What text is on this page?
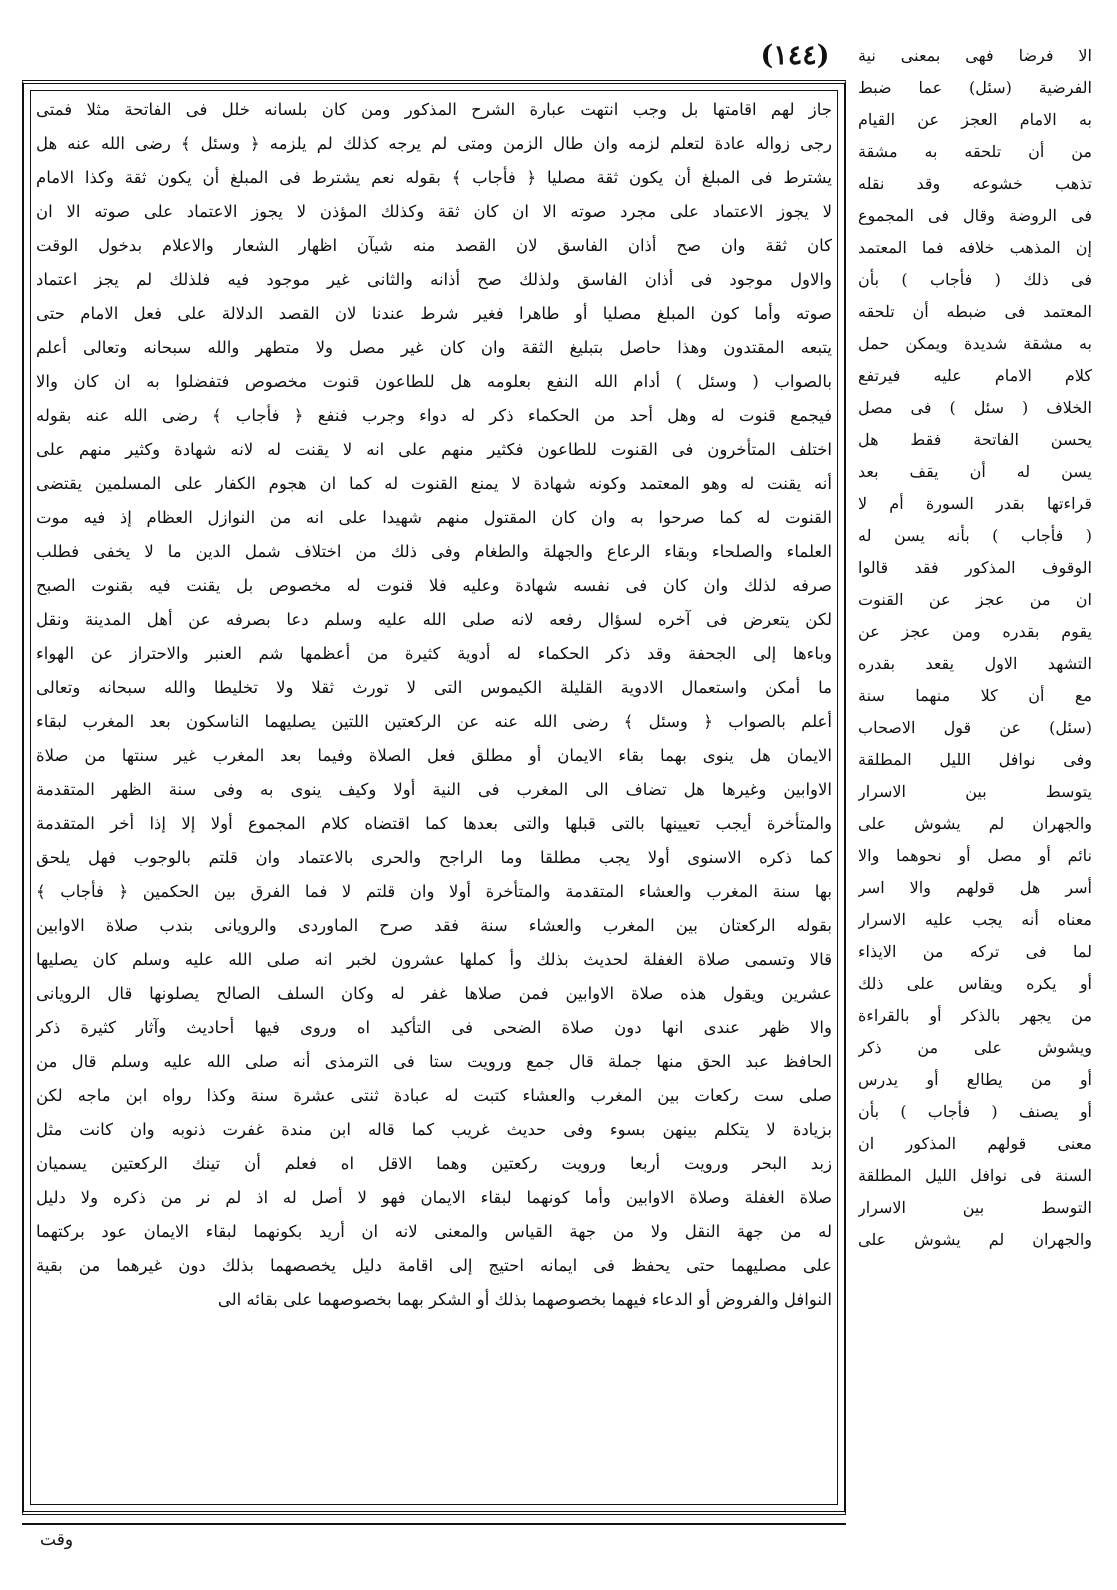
(١٤٤)
جاز لهم اقامتها بل وجب انتهت عبارة الشرح المذكور ومن كان بلسانه خلل فى الفاتحة مثلا فمتى
رجى زواله عادة لتعلم لزمه وان طال الزمن ومتى لم يرجه كذلك لم يلزمه ﴿ وسئل ﴾ رضى الله عنه هل
يشترط فى المبلغ أن يكون ثقة مصليا ﴿ فأجاب ﴾ بقوله نعم يشترط فى المبلغ أن يكون ثقة وكذا الامام
لا يجوز الاعتماد على مجرد صوته الا ان كان ثقة وكذلك المؤذن لا يجوز الاعتماد على صوته الا ان
كان ثقة وان صح أذان الفاسق لان القصد منه شيآن اظهار الشعار والاعلام بدخول الوقت
والاول موجود فى أذان الفاسق ولذلك صح أذانه والثانى غير موجود فيه فلذلك لم يجز اعتماد
صوته وأما كون المبلغ مصليا أو طاهرا فغير شرط عندنا لان القصد الدلالة على فعل الامام حتى
يتبعه المقتدون وهذا حاصل بتبليغ الثقة وان كان غير مصل ولا متطهر والله سبحانه وتعالى أعلم
بالصواب ( وسئل ) أدام الله النفع بعلومه هل للطاعون قنوت مخصوص فتفضلوا به ان كان والا
فيجمع قنوت له وهل أحد من الحكماء ذكر له دواء وجرب فنفع ﴿ فأجاب ﴾ رضى الله عنه بقوله
اختلف المتأخرون فى القنوت للطاعون فكثير منهم على انه لا يقنت له لانه شهادة وكثير منهم على
أنه يقنت له وهو المعتمد وكونه شهادة لا يمنع القنوت له كما ان هجوم الكفار على المسلمين يقتضى
القنوت له كما صرحوا به وان كان المقتول منهم شهيدا على انه من النوازل العظام إذ فيه موت
العلماء والصلحاء وبقاء الرعاع والجهلة والطغام وفى ذلك من اختلاف شمل الدين ما لا يخفى فطلب
صرفه لذلك وان كان فى نفسه شهادة وعليه فلا قنوت له مخصوص بل يقنت فيه بقنوت الصبح
لكن يتعرض فى آخره لسؤال رفعه لانه صلى الله عليه وسلم دعا بصرفه عن أهل المدينة ونقل
وباءها إلى الجحفة وقد ذكر الحكماء له أدوية كثيرة من أعظمها شم العنبر والاحتراز عن الهواء
ما أمكن واستعمال الادوية القليلة الكيموس التى لا تورث ثقلا ولا تخليطا والله سبحانه وتعالى
أعلم بالصواب ﴿ وسئل ﴾ رضى الله عنه عن الركعتين اللتين يصليهما الناسكون بعد المغرب لبقاء
الايمان هل ينوى بهما بقاء الايمان أو مطلق فعل الصلاة وفيما بعد المغرب غير سنتها من صلاة
الاوابين وغيرها هل تضاف الى المغرب فى النية أولا وكيف ينوى به وفى سنة الظهر المتقدمة
والمتأخرة أيجب تعيينها بالتى قبلها والتى بعدها كما اقتضاه كلام المجموع أولا إلا إذا أخر المتقدمة
كما ذكره الاسنوى أولا يجب مطلقا وما الراجح والحرى بالاعتماد وان قلتم بالوجوب فهل يلحق
بها سنة المغرب والعشاء المتقدمة والمتأخرة أولا وان قلتم لا فما الفرق بين الحكمين ﴿ فأجاب ﴾
بقوله الركعتان بين المغرب والعشاء سنة فقد صرح الماوردى والرويانى بندب صلاة الاوابين
قالا وتسمى صلاة الغفلة لحديث بذلك وأ كملها عشرون لخبر انه صلى الله عليه وسلم كان يصليها
عشرين ويقول هذه صلاة الاوابين فمن صلاها غفر له وكان السلف الصالح يصلونها قال الرويانى
والا ظهر عندى انها دون صلاة الضحى فى التأكيد اه وروى فيها أحاديث وآثار كثيرة ذكر
الحافظ عبد الحق منها جملة قال جمع ورويت ستا فى الترمذى أنه صلى الله عليه وسلم قال من
صلى ست ركعات بين المغرب والعشاء كتبت له عبادة ثنتى عشرة سنة وكذا رواه ابن ماجه لكن
بزيادة لا يتكلم بينهن بسوء وفى حديث غريب كما قاله ابن مندة غفرت ذنوبه وان كانت مثل
زبد البحر ورويت أربعا ورويت ركعتين وهما الاقل اه فعلم أن تينك الركعتين يسميان
صلاة الغفلة وصلاة الاوابين وأما كونهما لبقاء الايمان فهو لا أصل له اذ لم نر من ذكره ولا دليل
له من جهة النقل ولا من جهة القياس والمعنى لانه ان أريد بكونهما لبقاء الايمان عود بركتهما
على مصليهما حتى يحفظ فى ايمانه احتيج إلى اقامة دليل يخصصهما بذلك دون غيرهما من بقية
النوافل والفروض أو الدعاء فيهما بخصوصهما بذلك أو الشكر بهما بخصوصهما على بقائه الى
الا فرضا فهى بمعنى نية
الفرضية (سئل) عما ضبط
به الامام العجز عن القيام
من أن تلحقه به مشقة
تذهب خشوعه وقد نقله
فى الروضة وقال فى المجموع
إن المذهب خلافه فما المعتمد
فى ذلك ( فأجاب ) بأن
المعتمد فى ضبطه أن تلحقه
به مشقة شديدة ويمكن حمل
كلام الامام عليه فيرتفع
الخلاف ( سئل ) فى مصل
يحسن الفاتحة فقط هل
يسن له أن يقف بعد
قراءتها بقدر السورة أم لا
( فأجاب ) بأنه يسن له
الوقوف المذكور فقد قالوا
ان من عجز عن القنوت
يقوم بقدره ومن عجز عن
التشهد الاول يقعد بقدره
مع أن كلا منهما سنة
(سئل) عن قول الاصحاب
وفى نوافل الليل المطلقة
يتوسط بين الاسرار
والجهران لم يشوش على
نائم أو مصل أو نحوهما والا
أسر هل قولهم والا اسر
معناه أنه يجب عليه الاسرار
لما فى تركه من الايذاء
أو يكره ويقاس على ذلك
من يجهر بالذكر أو بالقراءة
ويشوش على من ذكر
أو من يطالع أو يدرس
أو يصنف ( فأجاب ) بأن
معنى قولهم المذكور ان
السنة فى نوافل الليل المطلقة
التوسط بين الاسرار
والجهران لم يشوش على
وقت
